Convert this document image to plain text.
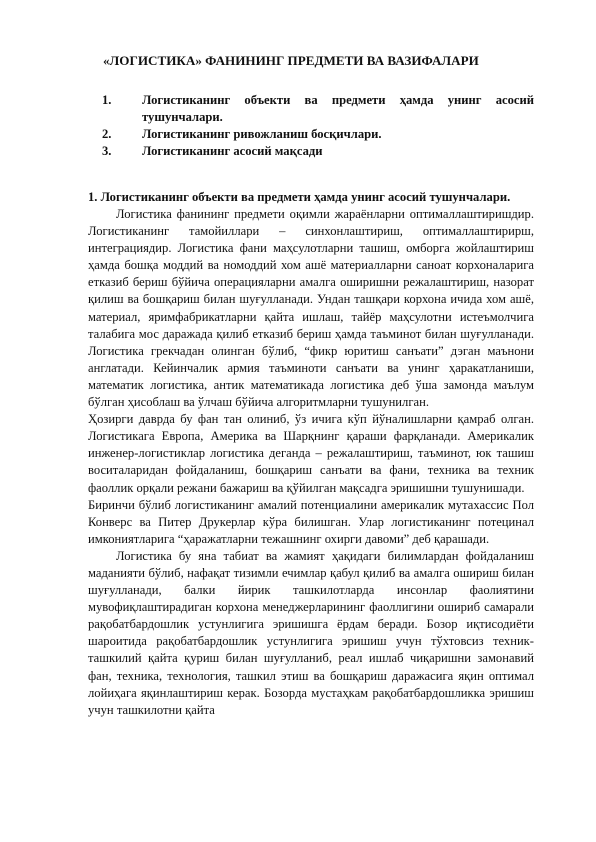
«ЛОГИСТИКА» ФАНИНИНГ ПРЕДМЕТИ ВА ВАЗИФАЛАРИ
1.	Логистиканинг объекти ва предмети ҳамда унинг асосий тушунчалари.
2.	Логистиканинг ривожланиш босқичлари.
3.	Логистиканинг асосий мақсади
1. Логистиканинг объекти ва предмети ҳамда унинг асосий тушунчалари.

Логистика фанининг предмети оқимли жараёнларни оптималлаштиришдир. Логистиканинг тамойиллари – синхонлаштириш, оптималлаштирирш, интеграциядир. Логистика фани маҳсулотларни ташиш, омборга жойлаштириш ҳамда бошқа моддий ва номоддий хом ашё материалларни саноат корхоналарига етказиб бериш бўйича операцияларни амалга оширишни режалаштириш, назорат қилиш ва бошқариш билан шуғулланади. Ундан ташқари корхона ичида хом ашё, материал, яримфабрикатларни қайта ишлаш, тайёр маҳсулотни истеъмолчига талабига мос даражада қилиб етказиб бериш ҳамда таъминот билан шуғулланади. Логистика грекчадан олинган бўлиб, “фикр юритиш санъати” дэган маънони англатади. Кейинчалик армия таъминоти санъати ва унинг ҳаракатланиши, математик логистика, антик математикада логистика деб ўша замонда маълум бўлган ҳисоблаш ва ўлчаш бўйича алгоритмларни тушунилган.

Ҳозирги даврда бу фан тан олиниб, ўз ичига кўп йўналишларни қамраб олган. Логистикага Европа, Америка ва Шарқнинг қараши фарқланади. Америкалик инженер-логистиклар логистика деганда – режалаштириш, таъминот, юк ташиш воситаларидан фойдаланиш, бошқариш санъати ва фани, техника ва техник фаоллик орқали режани бажариш ва қўйилган мақсадга эришишни тушунишади.

Биринчи бўлиб логистиканинг амалий потенциалини америкалик мутахассис Пол Конверс ва Питер Друкерлар кўра билишган. Улар логистиканинг потецинал имкониятларига “ҳаражатларни тежашнинг охирги давоми” деб қарашади.

Логистика бу яна табиат ва жамият ҳақидаги билимлардан фойдаланиш маданияти бўлиб, нафақат тизимли ечимлар қабул қилиб ва амалга ошириш билан шуғулланади, балки йирик ташкилотларда инсонлар фаолиятини мувофиқлаштирадиган корхона менеджерларининг фаоллигини ошириб самарали рақобатбардошлик устунлигига эришишга ёрдам беради. Бозор иқтисодиёти шароитида рақобатбардошлик устунлигига эришиш учун тўхтовсиз техник-ташкилий қайта қуриш билан шуғулланиб, реал ишлаб чиқаришни замонавий фан, техника, технология, ташкил этиш ва бошқариш даражасига яқин оптимал лойиҳага яқинлаштириш керак. Бозорда мустаҳкам рақобатбардошликка эришиш учун ташкилотни қайта
